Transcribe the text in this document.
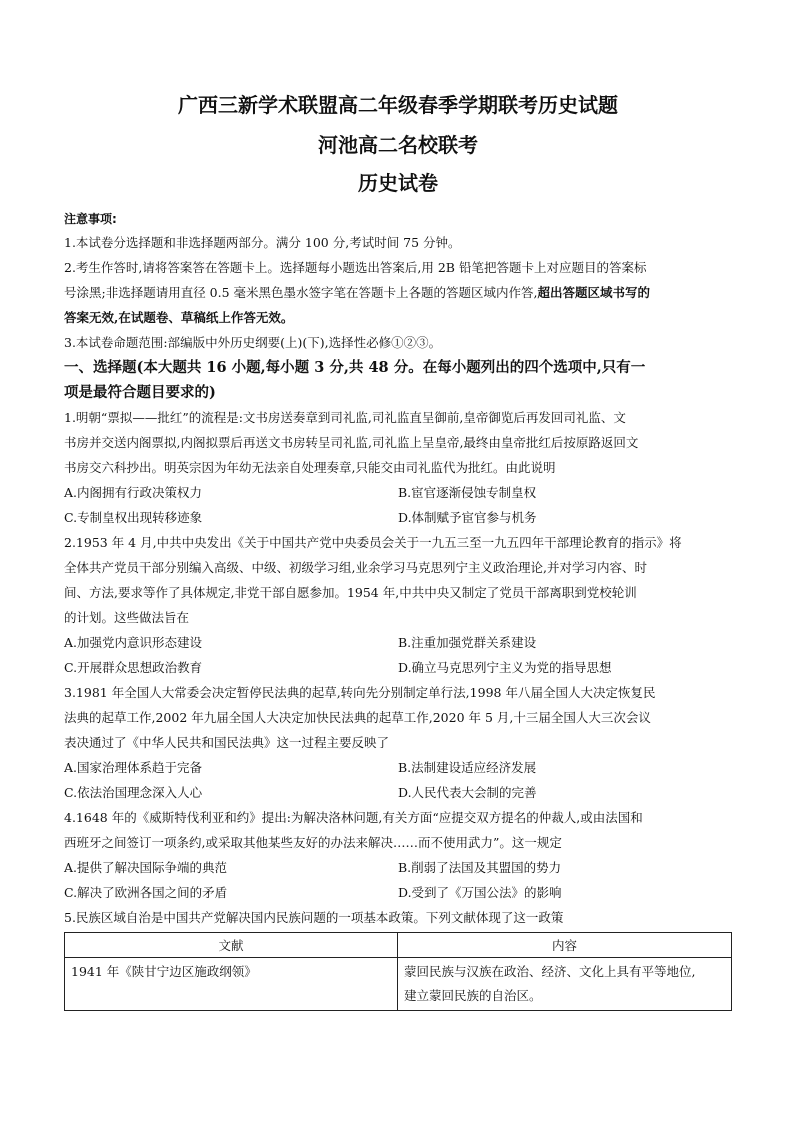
广西三新学术联盟高二年级春季学期联考历史试题
河池高二名校联考
历史试卷

注意事项:

1.本试卷分选择题和非选择题两部分。满分 100 分,考试时间 75 分钟。

2.考生作答时,请将答案答在答题卡上。选择题每小题选出答案后,用 2B 铅笔把答题卡上对应题目的答案标

号涂黑;非选择题请用直径 0.5 毫米黑色墨水签字笔在答题卡上各题的答题区域内作答,超出答题区域书写的

答案无效,在试题卷、草稿纸上作答无效。

3.本试卷命题范围:部编版中外历史纲要(上)(下),选择性必修①②③。

一、选择题(本大题共 16 小题,每小题 3 分,共 48 分。在每小题列出的四个选项中,只有一

项是最符合题目要求的)

1.明朝“票拟——批红”的流程是:文书房送奏章到司礼监,司礼监直呈御前,皇帝御览后再发回司礼监、文

书房并交送内阁票拟,内阁拟票后再送文书房转呈司礼监,司礼监上呈皇帝,最终由皇帝批红后按原路返回文

书房交六科抄出。明英宗因为年幼无法亲自处理奏章,只能交由司礼监代为批红。由此说明

A.内阁拥有行政决策权力	B.宦官逐渐侵蚀专制皇权
C.专制皇权出现转移迹象	D.体制赋予宦官参与机务

2.1953 年 4 月,中共中央发出《关于中国共产党中央委员会关于一九五三至一九五四年干部理论教育的指示》将

全体共产党员干部分别编入高级、中级、初级学习组,业余学习马克思列宁主义政治理论,并对学习内容、时

间、方法,要求等作了具体规定,非党干部自愿参加。1954 年,中共中央又制定了党员干部离职到党校轮训

的计划。这些做法旨在

A.加强党内意识形态建设	B.注重加强党群关系建设
C.开展群众思想政治教育	D.确立马克思列宁主义为党的指导思想

3.1981 年全国人大常委会决定暂停民法典的起草,转向先分别制定单行法,1998 年八届全国人大决定恢复民

法典的起草工作,2002 年九届全国人大决定加快民法典的起草工作,2020 年 5 月,十三届全国人大三次会议

表决通过了《中华人民共和国民法典》这一过程主要反映了

A.国家治理体系趋于完备	B.法制建设适应经济发展
C.依法治国理念深入人心	D.人民代表大会制的完善

4.1648 年的《威斯特伐利亚和约》提出:为解决洛林问题,有关方面“应提交双方提名的仲裁人,或由法国和

西班牙之间签订一项条约,或采取其他某些友好的办法来解决……而不使用武力”。这一规定

A.提供了解决国际争端的典范	B.削弱了法国及其盟国的势力
C.解决了欧洲各国之间的矛盾	D.受到了《万国公法》的影响

5.民族区域自治是中国共产党解决国内民族问题的一项基本政策。下列文献体现了这一政策

文献	内容
1941 年《陕甘宁边区施政纲领》	蒙回民族与汉族在政治、经济、文化上具有平等地位,
建立蒙回民族的自治区。
